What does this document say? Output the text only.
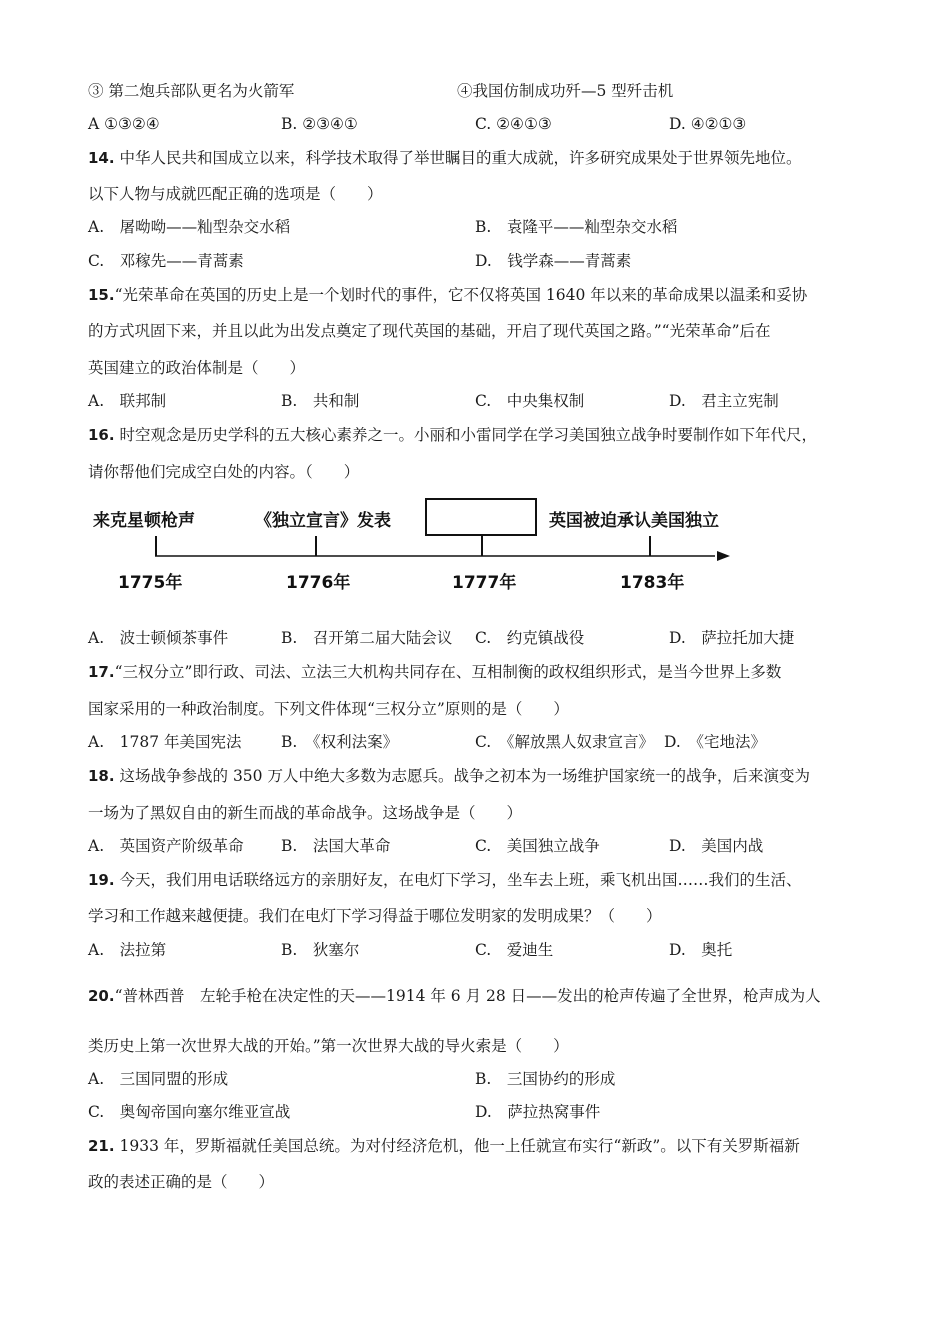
③ 第二炮兵部队更名为火箭军	④我国仿制成功歼—5 型歼击机
A ①③②④	B. ②③④①	C. ②④①③	D. ④②①③
14. 中华人民共和国成立以来，科学技术取得了举世瞩目的重大成就，许多研究成果处于世界领先地位。
以下人物与成就匹配正确的选项是（　　）
A.　屠呦呦——籼型杂交水稻	B.　袁隆平——籼型杂交水稻
C.　邓稼先——青蒿素	D.　钱学森——青蒿素
15.“光荣革命在英国的历史上是一个划时代的事件，它不仅将英国 1640 年以来的革命成果以温柔和妥协
的方式巩固下来，并且以此为出发点奠定了现代英国的基础，开启了现代英国之路。”“光荣革命”后在
英国建立的政治体制是（　　）
A.　联邦制	B.　共和制	C.　中央集权制	D.　君主立宪制
16. 时空观念是历史学科的五大核心素养之一。小丽和小雷同学在学习美国独立战争时要制作如下年代尺，
请你帮他们完成空白处的内容。（　　）
来克星顿枪声	《独立宣言》发表	英国被迫承认美国独立
1775年	1776年	1777年	1783年
A.　波士顿倾茶事件	B.　召开第二届大陆会议 C.　约克镇战役	D.　萨拉托加大捷
17.“三权分立”即行政、司法、立法三大机构共同存在、互相制衡的政权组织形式，是当今世界上多数
国家采用的一种政治制度。下列文件体现“三权分立”原则的是（　　）
A.　1787 年美国宪法	B.　《权利法案》	C.　《解放黑人奴隶宣言》 D.　《宅地法》
18. 这场战争参战的 350 万人中绝大多数为志愿兵。战争之初本为一场维护国家统一的战争，后来演变为
一场为了黑奴自由的新生而战的革命战争。这场战争是（　　）
A.　英国资产阶级革命 B.　法国大革命	C.　美国独立战争	D.　美国内战
19. 今天，我们用电话联络远方的亲朋好友，在电灯下学习，坐车去上班，乘飞机出国……我们的生活、
学习和工作越来越便捷。我们在电灯下学习得益于哪位发明家的发明成果？（　　）
A.　法拉第	B.　狄塞尔	C.　爱迪生	D.　奥托
20.“普林西普　左轮手枪在决定性的天——1914 年 6 月 28 日——发出的枪声传遍了全世界，枪声成为人
类历史上第一次世界大战的开始。”第一次世界大战的导火索是（　　）
A.　三国同盟的形成	B.　三国协约的形成
C.　奥匈帝国向塞尔维亚宣战	D.　萨拉热窝事件
21. 1933 年，罗斯福就任美国总统。为对付经济危机，他一上任就宣布实行“新政”。以下有关罗斯福新
政的表述正确的是（　　）
